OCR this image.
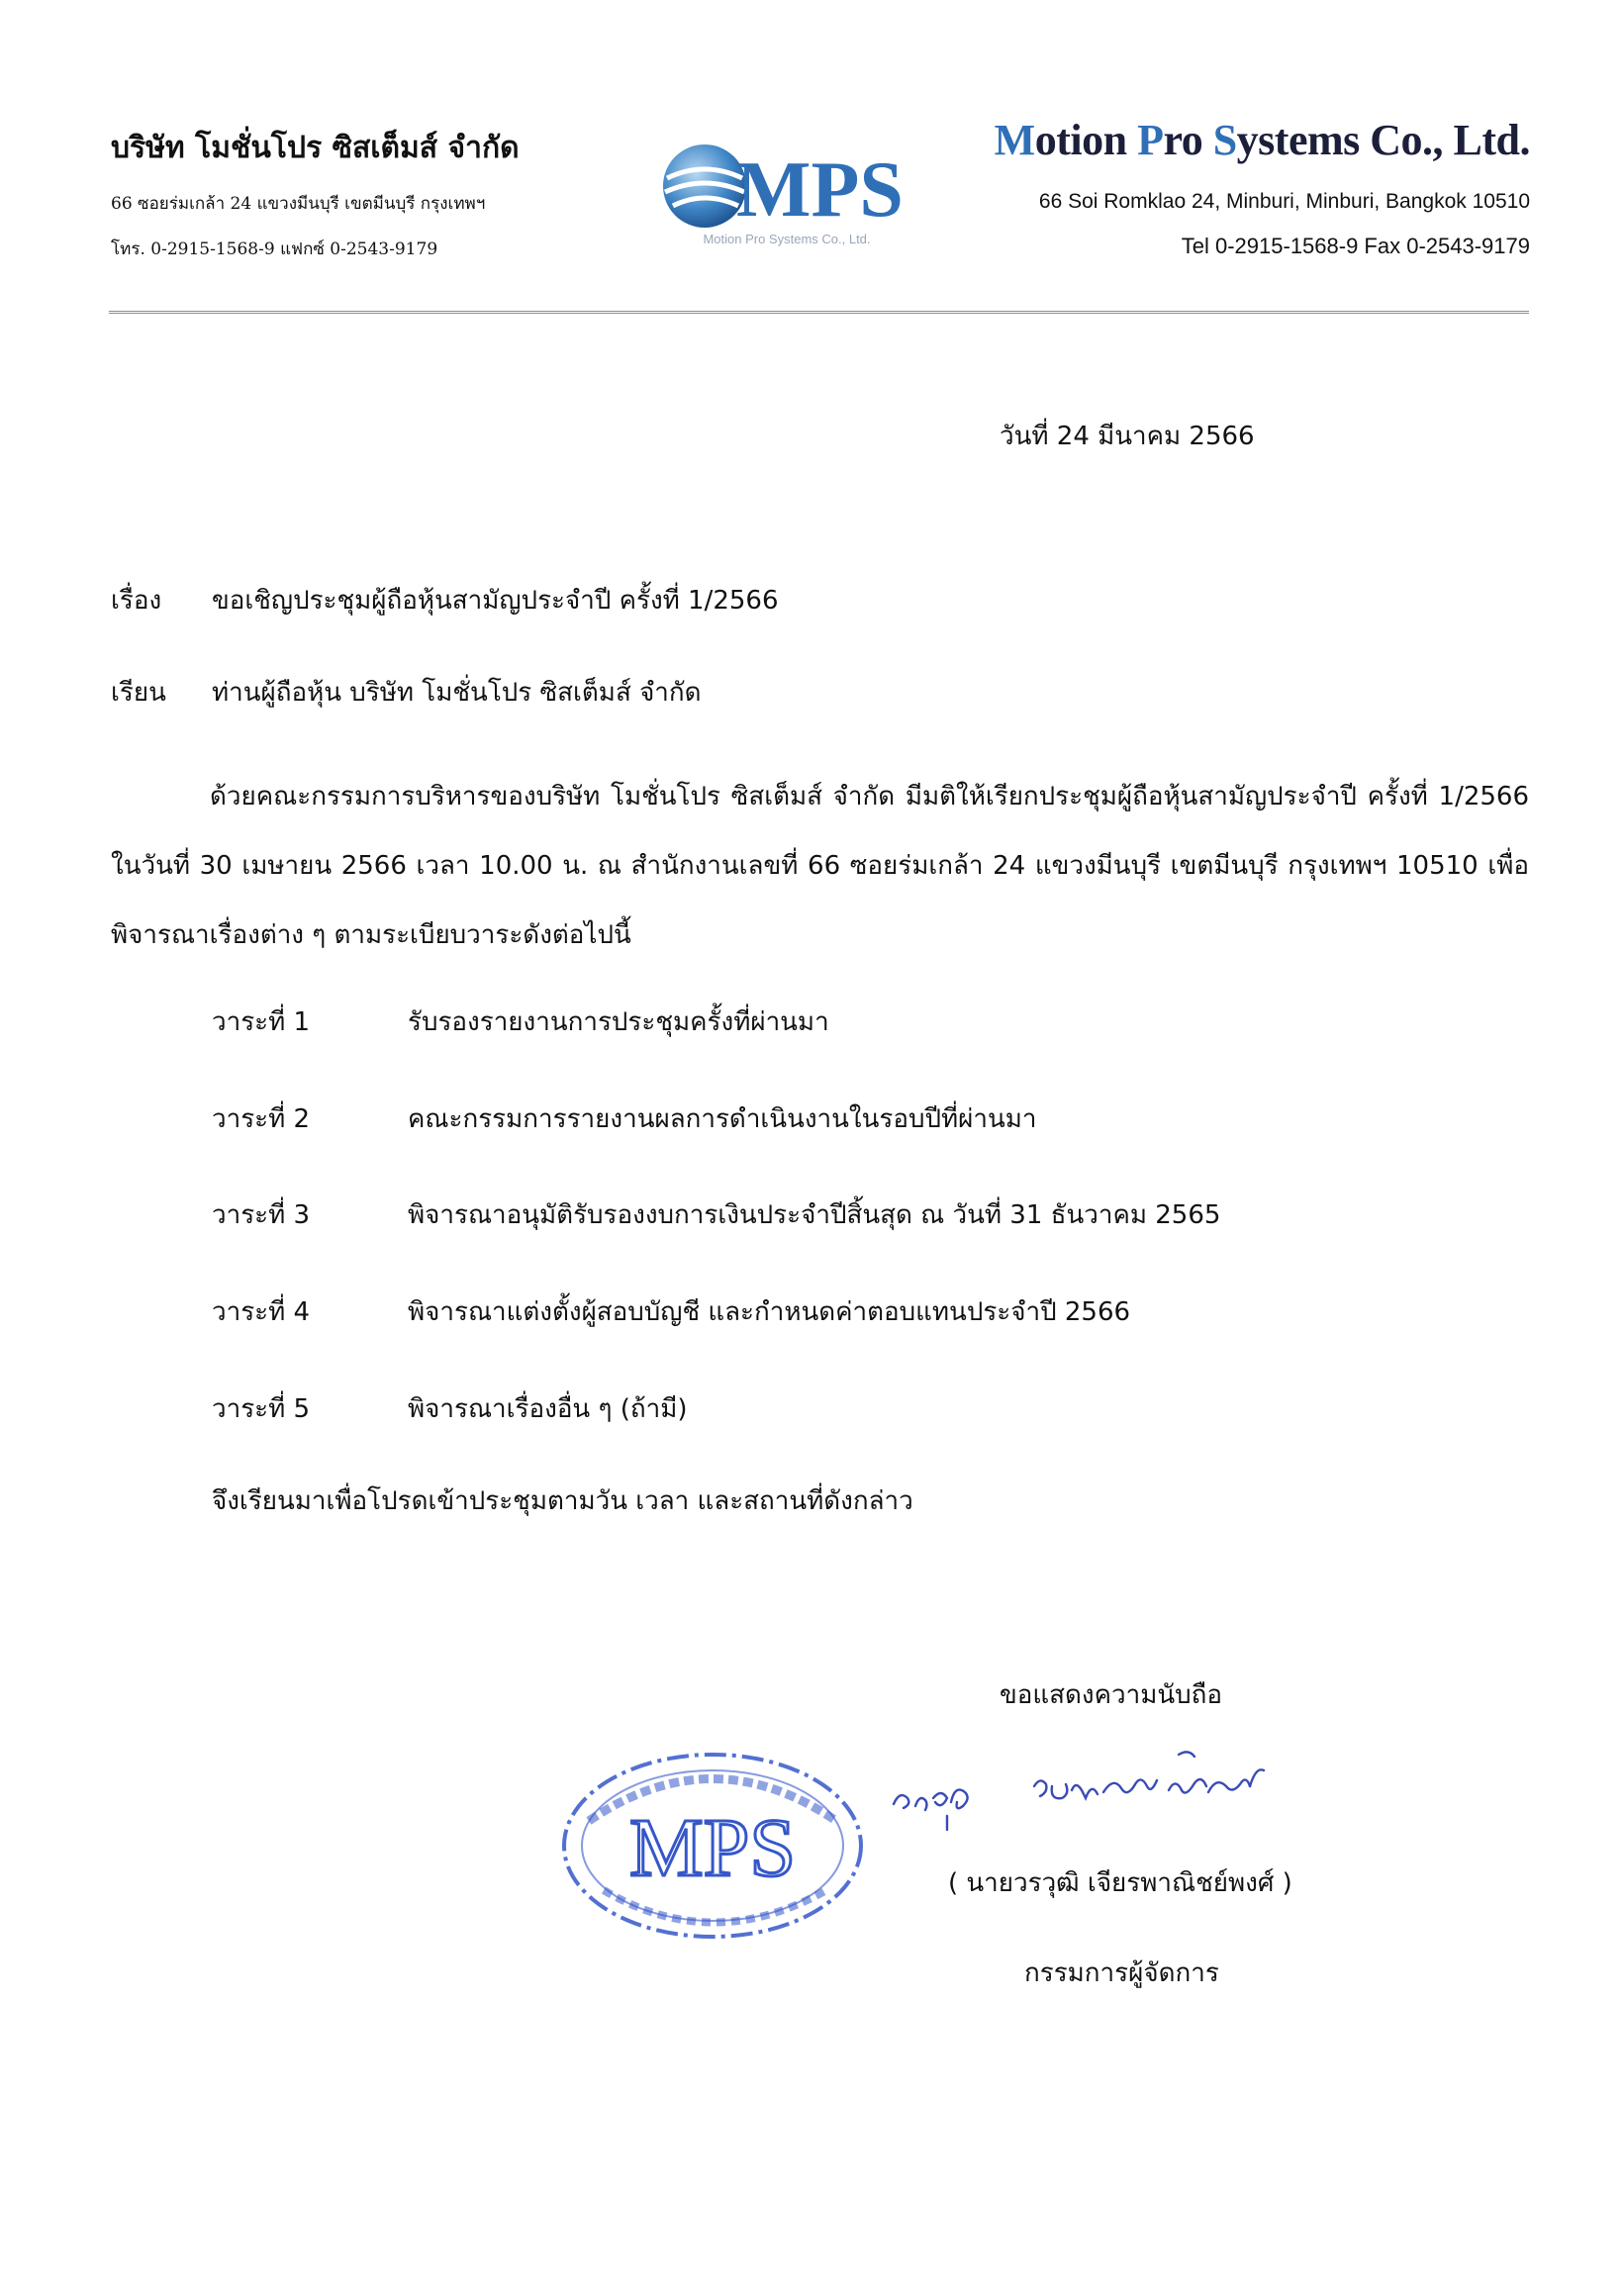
บริษัท โมชั่นโปร ซิสเต็มส์ จำกัด
66 ซอยร่มเกล้า 24 แขวงมีนบุรี เขตมีนบุรี กรุงเทพฯ
โทร. 0-2915-1568-9 แฟกซ์ 0-2543-9179
MPS
Motion Pro Systems Co., Ltd.
Motion Pro Systems Co., Ltd.
66 Soi Romklao 24, Minburi, Minburi, Bangkok 10510
Tel 0-2915-1568-9 Fax 0-2543-9179
วันที่ 24 มีนาคม 2566
เรื่อง ขอเชิญประชุมผู้ถือหุ้นสามัญประจำปี ครั้งที่ 1/2566
เรียน ท่านผู้ถือหุ้น บริษัท โมชั่นโปร ซิสเต็มส์ จำกัด
ด้วยคณะกรรมการบริหารของบริษัท โมชั่นโปร ซิสเต็มส์ จำกัด มีมติให้เรียกประชุมผู้ถือหุ้นสามัญประจำปี ครั้งที่ 1/2566 ในวันที่ 30 เมษายน 2566 เวลา 10.00 น. ณ สำนักงานเลขที่ 66 ซอยร่มเกล้า 24 แขวงมีนบุรี เขตมีนบุรี กรุงเทพฯ 10510 เพื่อพิจารณาเรื่องต่าง ๆ ตามระเบียบวาระดังต่อไปนี้
วาระที่ 1	รับรองรายงานการประชุมครั้งที่ผ่านมา
วาระที่ 2	คณะกรรมการรายงานผลการดำเนินงานในรอบปีที่ผ่านมา
วาระที่ 3	พิจารณาอนุมัติรับรองงบการเงินประจำปีสิ้นสุด ณ วันที่ 31 ธันวาคม 2565
วาระที่ 4	พิจารณาแต่งตั้งผู้สอบบัญชี และกำหนดค่าตอบแทนประจำปี 2566
วาระที่ 5	พิจารณาเรื่องอื่น ๆ (ถ้ามี)
จึงเรียนมาเพื่อโปรดเข้าประชุมตามวัน เวลา และสถานที่ดังกล่าว
ขอแสดงความนับถือ
MPS	( นายวรวุฒิ เจียรพาณิชย์พงศ์ )
กรรมการผู้จัดการ
